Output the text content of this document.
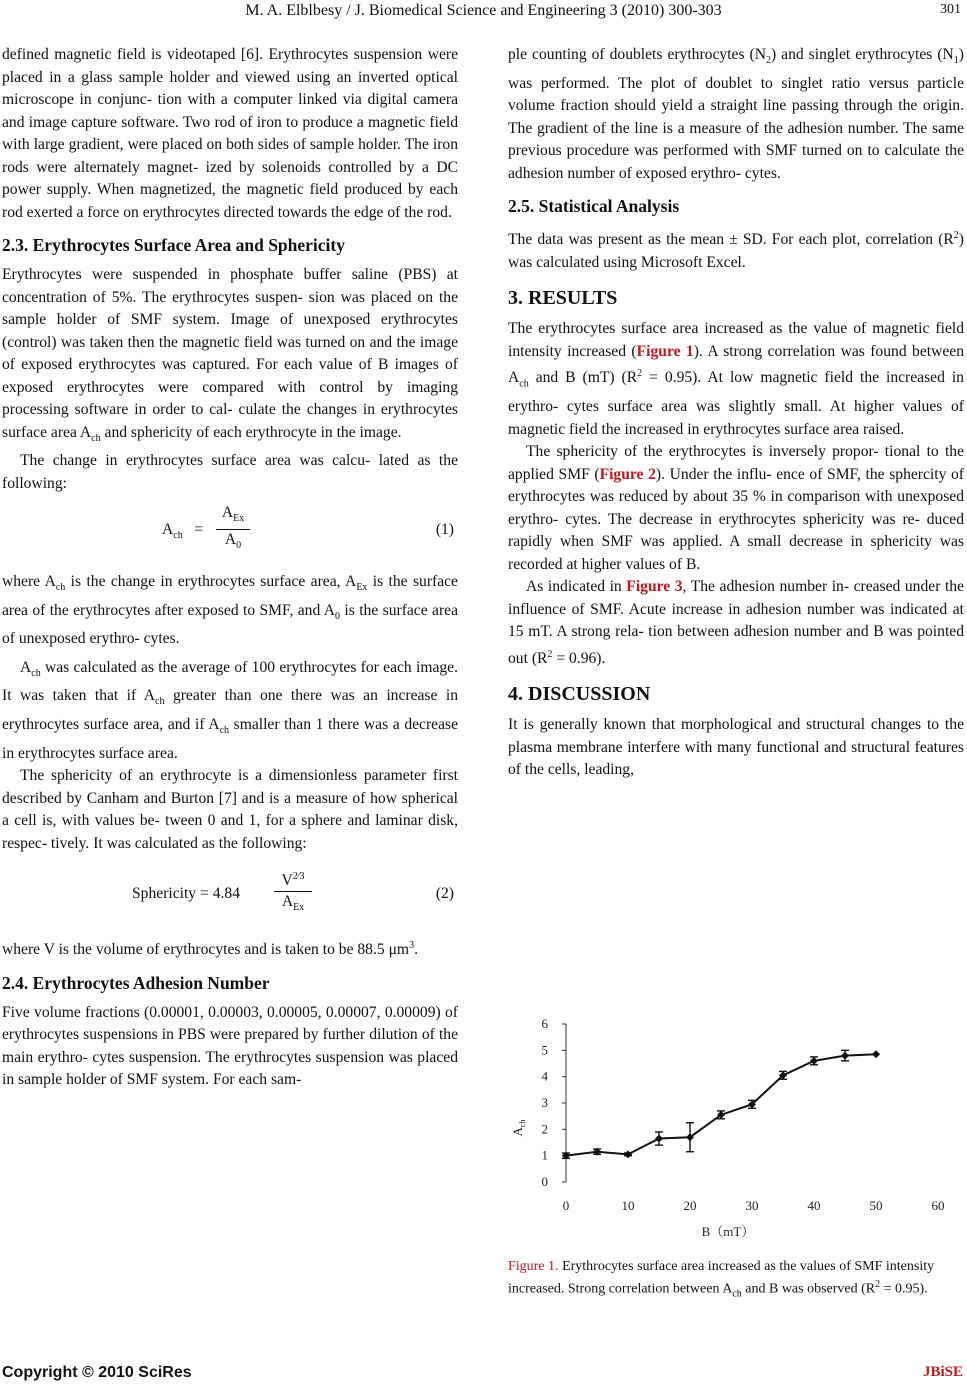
M. A. Elblbesy / J. Biomedical Science and Engineering 3 (2010) 300-303	301

defined magnetic field is videotaped [6]. Erythrocytes suspension were placed in a glass sample holder and viewed using an inverted optical microscope in conjunc- tion with a computer linked via digital camera and image capture software. Two rod of iron to produce a magnetic field with large gradient, were placed on both sides of sample holder. The iron rods were alternately magnet- ized by solenoids controlled by a DC power supply. When magnetized, the magnetic field produced by each rod exerted a force on erythrocytes directed towards the edge of the rod.

2.3. Erythrocytes Surface Area and Sphericity

Erythrocytes were suspended in phosphate buffer saline (PBS) at concentration of 5%. The erythrocytes suspen- sion was placed on the sample holder of SMF system. Image of unexposed erythrocytes (control) was taken then the magnetic field was turned on and the image of exposed erythrocytes was captured. For each value of B images of exposed erythrocytes were compared with control by imaging processing software in order to cal- culate the changes in erythrocytes surface area $A_{ch}$ and sphericity of each erythrocyte in the image.

The change in erythrocytes surface area was calcu- lated as the following:

$A_{ch}$ =
$A_{Ex}$
$A_0$
(1)

where $A_{ch}$ is the change in erythrocytes surface area, $A_{Ex}$ is the surface area of the erythrocytes after exposed to SMF, and $A_0$ is the surface area of unexposed erythro- cytes.

$A_{ch}$ was calculated as the average of 100 erythrocytes for each image. It was taken that if $A_{ch}$ greater than one there was an increase in erythrocytes surface area, and if $A_{ch}$ smaller than 1 there was a decrease in erythrocytes surface area.

The sphericity of an erythrocyte is a dimensionless parameter first described by Canham and Burton [7] and is a measure of how spherical a cell is, with values be- tween 0 and 1, for a sphere and laminar disk, respec- tively. It was calculated as the following:

Sphericity = 4.84
$V^{2⁄3}$
$A_{Ex}$
(2)

where V is the volume of erythrocytes and is taken to be 88.5 $\mu m^3$.

2.4. Erythrocytes Adhesion Number

Five volume fractions (0.00001, 0.00003, 0.00005, 0.00007, 0.00009) of erythrocytes suspensions in PBS were prepared by further dilution of the main erythro- cytes suspension. The erythrocytes suspension was placed in sample holder of SMF system. For each sam-

ple counting of doublets erythrocytes $(N_2)$ and singlet erythrocytes $(N_1)$ was performed. The plot of doublet to singlet ratio versus particle volume fraction should yield a straight line passing through the origin. The gradient of the line is a measure of the adhesion number. The same previous procedure was performed with SMF turned on to calculate the adhesion number of exposed erythro- cytes.

2.5. Statistical Analysis

The data was present as the mean ± SD. For each plot, correlation $(R^2)$ was calculated using Microsoft Excel.

3. RESULTS

The erythrocytes surface area increased as the value of magnetic field intensity increased (Figure 1). A strong correlation was found between $A_{ch}$ and B (mT) $(R^2 = 0.95)$. At low magnetic field the increased in erythro- cytes surface area was slightly small. At higher values of magnetic field the increased in erythrocytes surface area raised.

The sphericity of the erythrocytes is inversely propor- tional to the applied SMF (Figure 2). Under the influ- ence of SMF, the sphercity of erythrocytes was reduced by about 35 % in comparison with unexposed erythro- cytes. The decrease in erythrocytes sphericity was re- duced rapidly when SMF was applied. A small decrease in sphericity was recorded at higher values of B.

As indicated in Figure 3, The adhesion number in- creased under the influence of SMF. Acute increase in adhesion number was indicated at 15 mT. A strong rela- tion between adhesion number and B was pointed out $(R^2 = 0.96)$.

4. DISCUSSION

It is generally known that morphological and structural changes to the plasma membrane interfere with many functional and structural features of the cells, leading,

0
1
2
3
4
5
6
0	10	20	30	40	50	60
$A_{ch}$
B（mT）
Figure 1. Erythrocytes surface area increased as the values of SMF intensity increased. Strong correlation between $A_{ch}$ and B was observed $(R^2 = 0.95)$.
Copyright © 2010 SciRes	JBiSE
